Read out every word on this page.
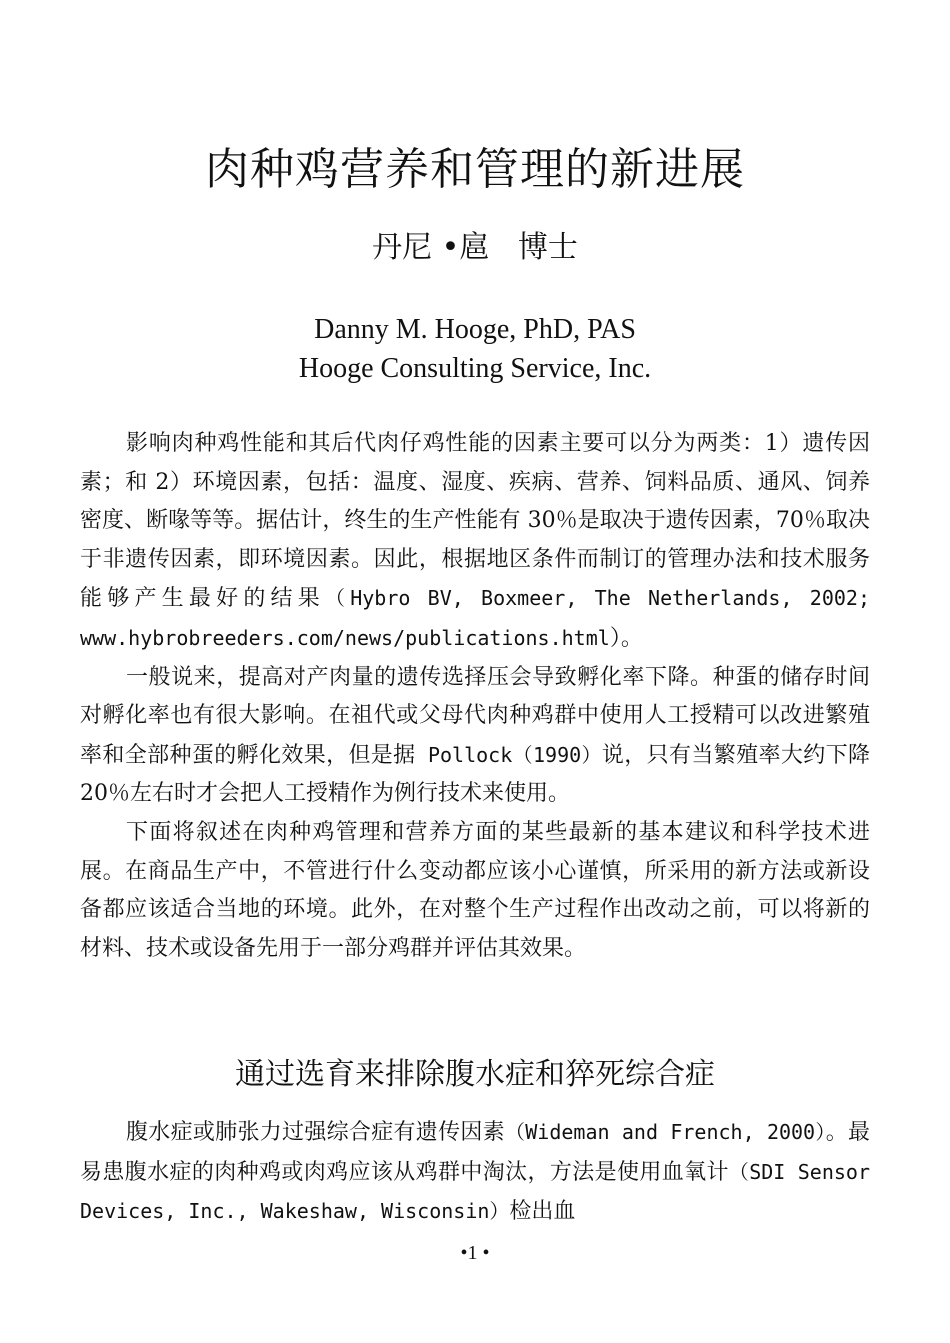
肉种鸡营养和管理的新进展
丹尼 •扈   博士
Danny M. Hooge, PhD, PAS
Hooge Consulting Service, Inc.

影响肉种鸡性能和其后代肉仔鸡性能的因素主要可以分为两类：1）遗传因素；和 2）环境因素，包括：温度、湿度、疾病、营养、饲料品质、通风、饲养密度、断喙等等。据估计，终生的生产性能有 30％是取决于遗传因素，70％取决于非遗传因素，即环境因素。因此，根据地区条件而制订的管理办法和技术服务能够产生最好的结果（Hybro BV, Boxmeer, The Netherlands, 2002; www.hybrobreeders.com/news/publications.html）。

一般说来，提高对产肉量的遗传选择压会导致孵化率下降。种蛋的储存时间对孵化率也有很大影响。在祖代或父母代肉种鸡群中使用人工授精可以改进繁殖率和全部种蛋的孵化效果，但是据 Pollock（1990）说，只有当繁殖率大约下降 20％左右时才会把人工授精作为例行技术来使用。

下面将叙述在肉种鸡管理和营养方面的某些最新的基本建议和科学技术进展。在商品生产中，不管进行什么变动都应该小心谨慎，所采用的新方法或新设备都应该适合当地的环境。此外，在对整个生产过程作出改动之前，可以将新的材料、技术或设备先用于一部分鸡群并评估其效果。

通过选育来排除腹水症和猝死综合症

腹水症或肺张力过强综合症有遗传因素（Wideman and French, 2000）。最易患腹水症的肉种鸡或肉鸡应该从鸡群中淘汰，方法是使用血氧计（SDI Sensor Devices, Inc., Wakeshaw, Wisconsin）检出血

•1 •
